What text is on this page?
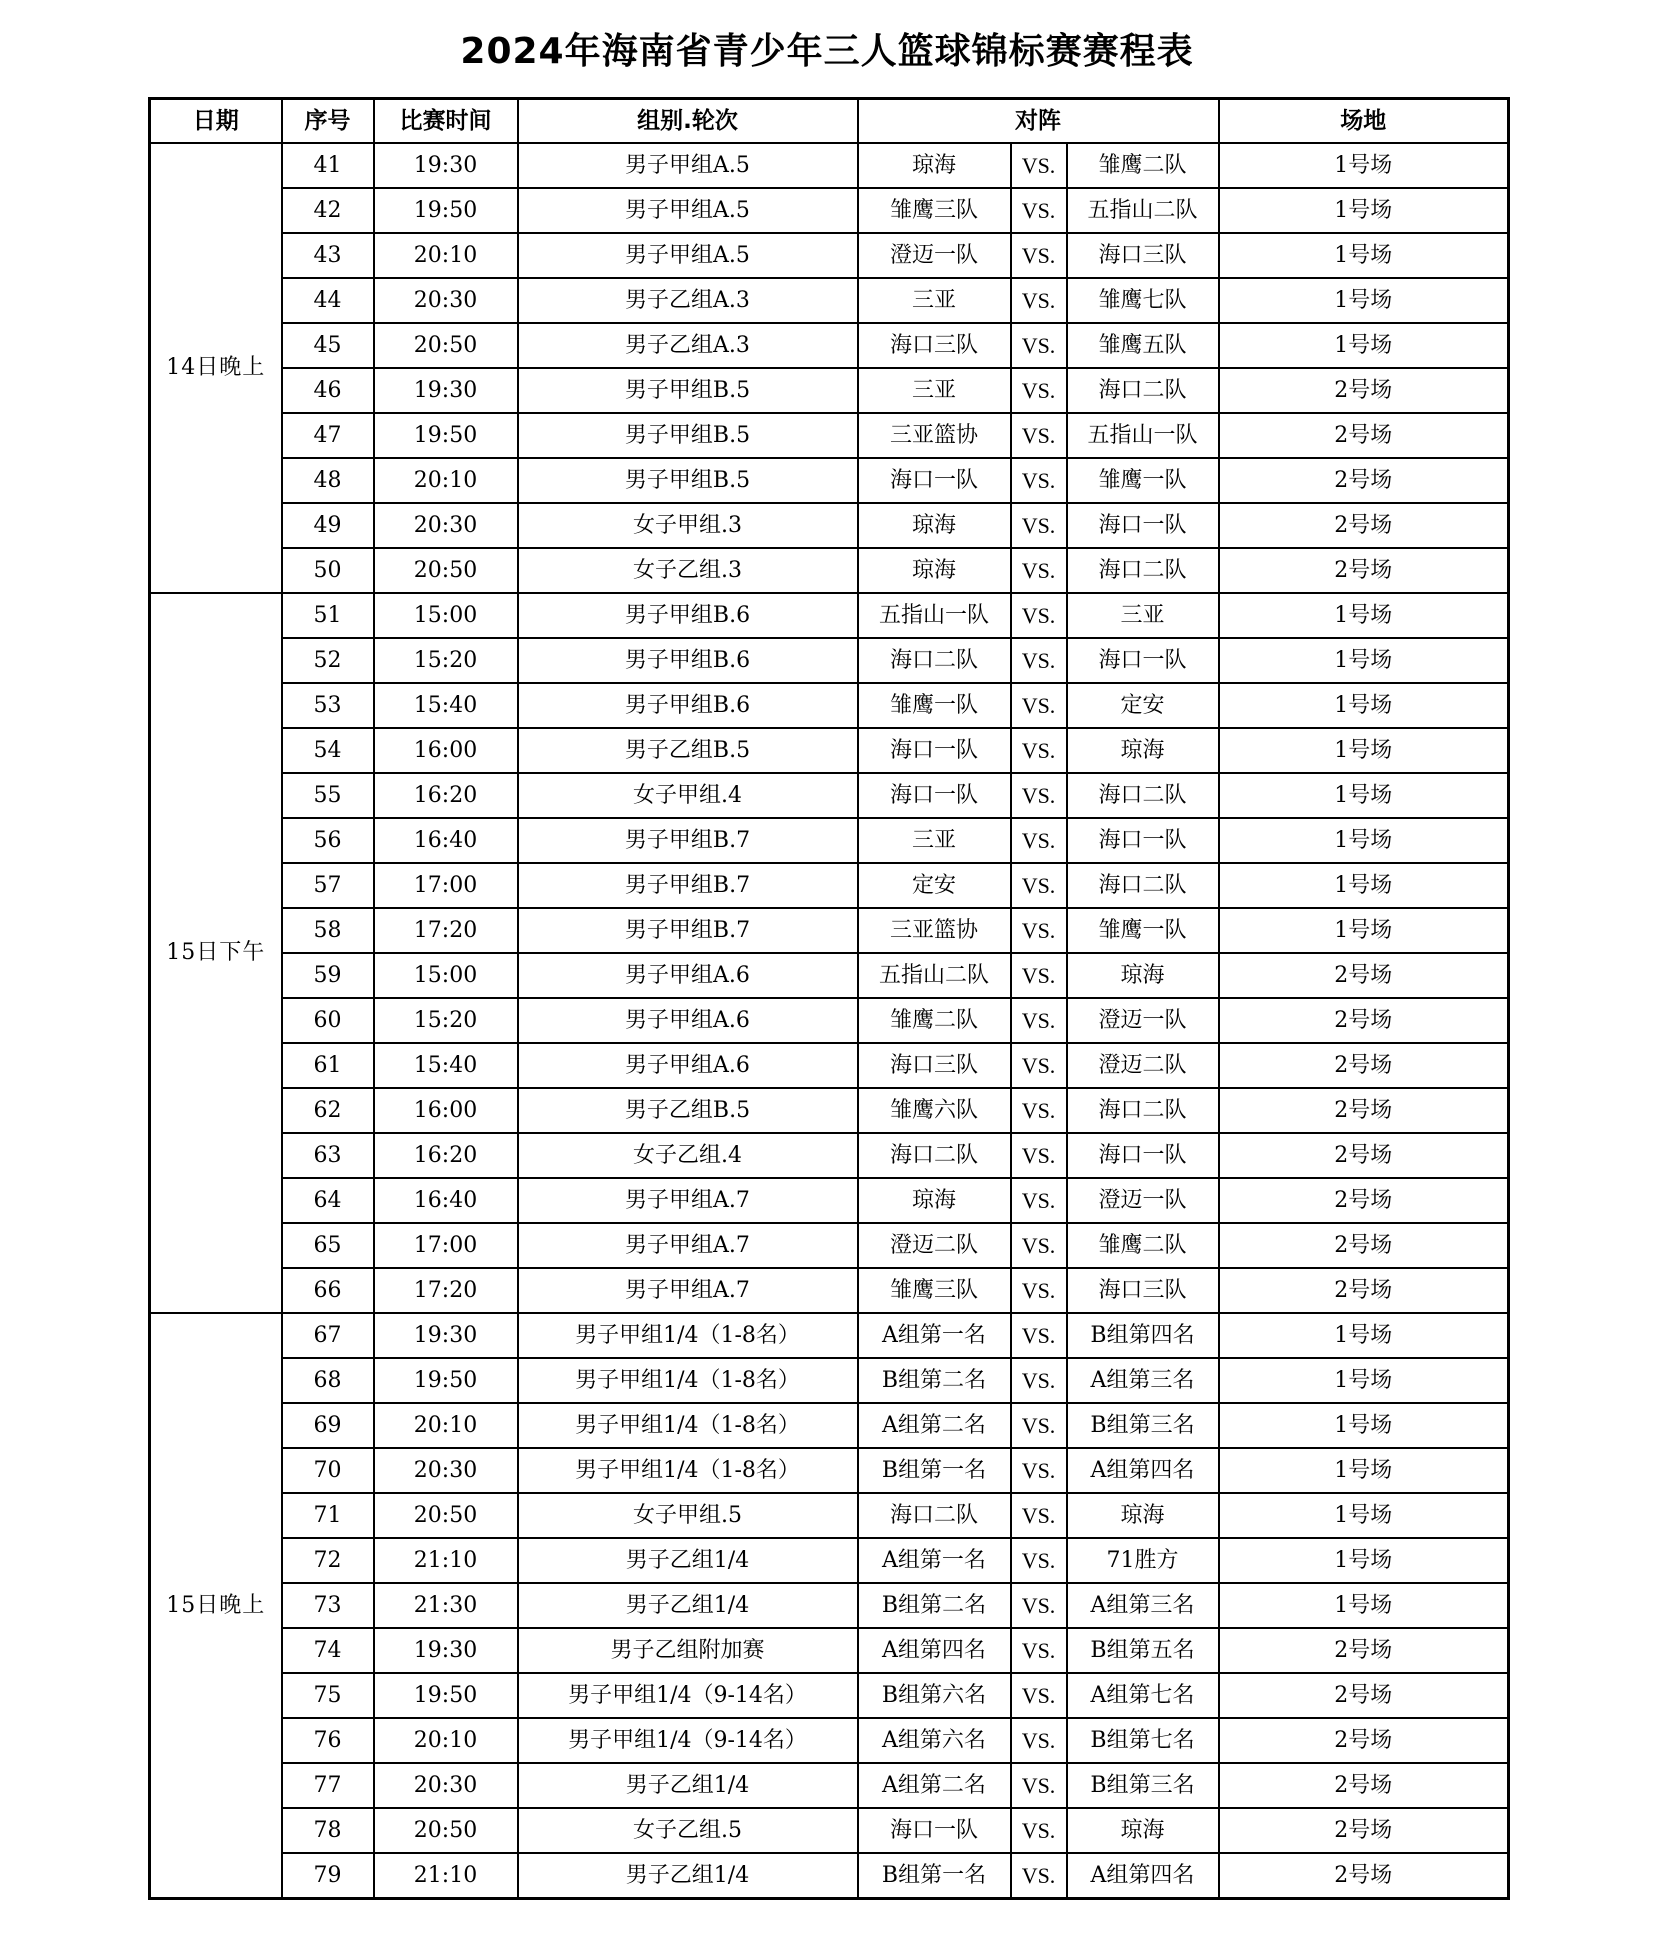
2024年海南省青少年三人篮球锦标赛赛程表
日期	序号	比赛时间	组别.轮次	对阵			场地
14日晚上	41	19:30	男子甲组A.5	琼海	VS.	雏鹰二队	1号场
	42	19:50	男子甲组A.5	雏鹰三队	VS.	五指山二队	1号场
	43	20:10	男子甲组A.5	澄迈一队	VS.	海口三队	1号场
	44	20:30	男子乙组A.3	三亚	VS.	雏鹰七队	1号场
	45	20:50	男子乙组A.3	海口三队	VS.	雏鹰五队	1号场
	46	19:30	男子甲组B.5	三亚	VS.	海口二队	2号场
	47	19:50	男子甲组B.5	三亚篮协	VS.	五指山一队	2号场
	48	20:10	男子甲组B.5	海口一队	VS.	雏鹰一队	2号场
	49	20:30	女子甲组.3	琼海	VS.	海口一队	2号场
	50	20:50	女子乙组.3	琼海	VS.	海口二队	2号场
15日下午	51	15:00	男子甲组B.6	五指山一队	VS.	三亚	1号场
	52	15:20	男子甲组B.6	海口二队	VS.	海口一队	1号场
	53	15:40	男子甲组B.6	雏鹰一队	VS.	定安	1号场
	54	16:00	男子乙组B.5	海口一队	VS.	琼海	1号场
	55	16:20	女子甲组.4	海口一队	VS.	海口二队	1号场
	56	16:40	男子甲组B.7	三亚	VS.	海口一队	1号场
	57	17:00	男子甲组B.7	定安	VS.	海口二队	1号场
	58	17:20	男子甲组B.7	三亚篮协	VS.	雏鹰一队	1号场
	59	15:00	男子甲组A.6	五指山二队	VS.	琼海	2号场
	60	15:20	男子甲组A.6	雏鹰二队	VS.	澄迈一队	2号场
	61	15:40	男子甲组A.6	海口三队	VS.	澄迈二队	2号场
	62	16:00	男子乙组B.5	雏鹰六队	VS.	海口二队	2号场
	63	16:20	女子乙组.4	海口二队	VS.	海口一队	2号场
	64	16:40	男子甲组A.7	琼海	VS.	澄迈一队	2号场
	65	17:00	男子甲组A.7	澄迈二队	VS.	雏鹰二队	2号场
	66	17:20	男子甲组A.7	雏鹰三队	VS.	海口三队	2号场
15日晚上	67	19:30	男子甲组1/4（1-8名）	A组第一名	VS.	B组第四名	1号场
	68	19:50	男子甲组1/4（1-8名）	B组第二名	VS.	A组第三名	1号场
	69	20:10	男子甲组1/4（1-8名）	A组第二名	VS.	B组第三名	1号场
	70	20:30	男子甲组1/4（1-8名）	B组第一名	VS.	A组第四名	1号场
	71	20:50	女子甲组.5	海口二队	VS.	琼海	1号场
	72	21:10	男子乙组1/4	A组第一名	VS.	71胜方	1号场
	73	21:30	男子乙组1/4	B组第二名	VS.	A组第三名	1号场
	74	19:30	男子乙组附加赛	A组第四名	VS.	B组第五名	2号场
	75	19:50	男子甲组1/4（9-14名）	B组第六名	VS.	A组第七名	2号场
	76	20:10	男子甲组1/4（9-14名）	A组第六名	VS.	B组第七名	2号场
	77	20:30	男子乙组1/4	A组第二名	VS.	B组第三名	2号场
	78	20:50	女子乙组.5	海口一队	VS.	琼海	2号场
	79	21:10	男子乙组1/4	B组第一名	VS.	A组第四名	2号场
